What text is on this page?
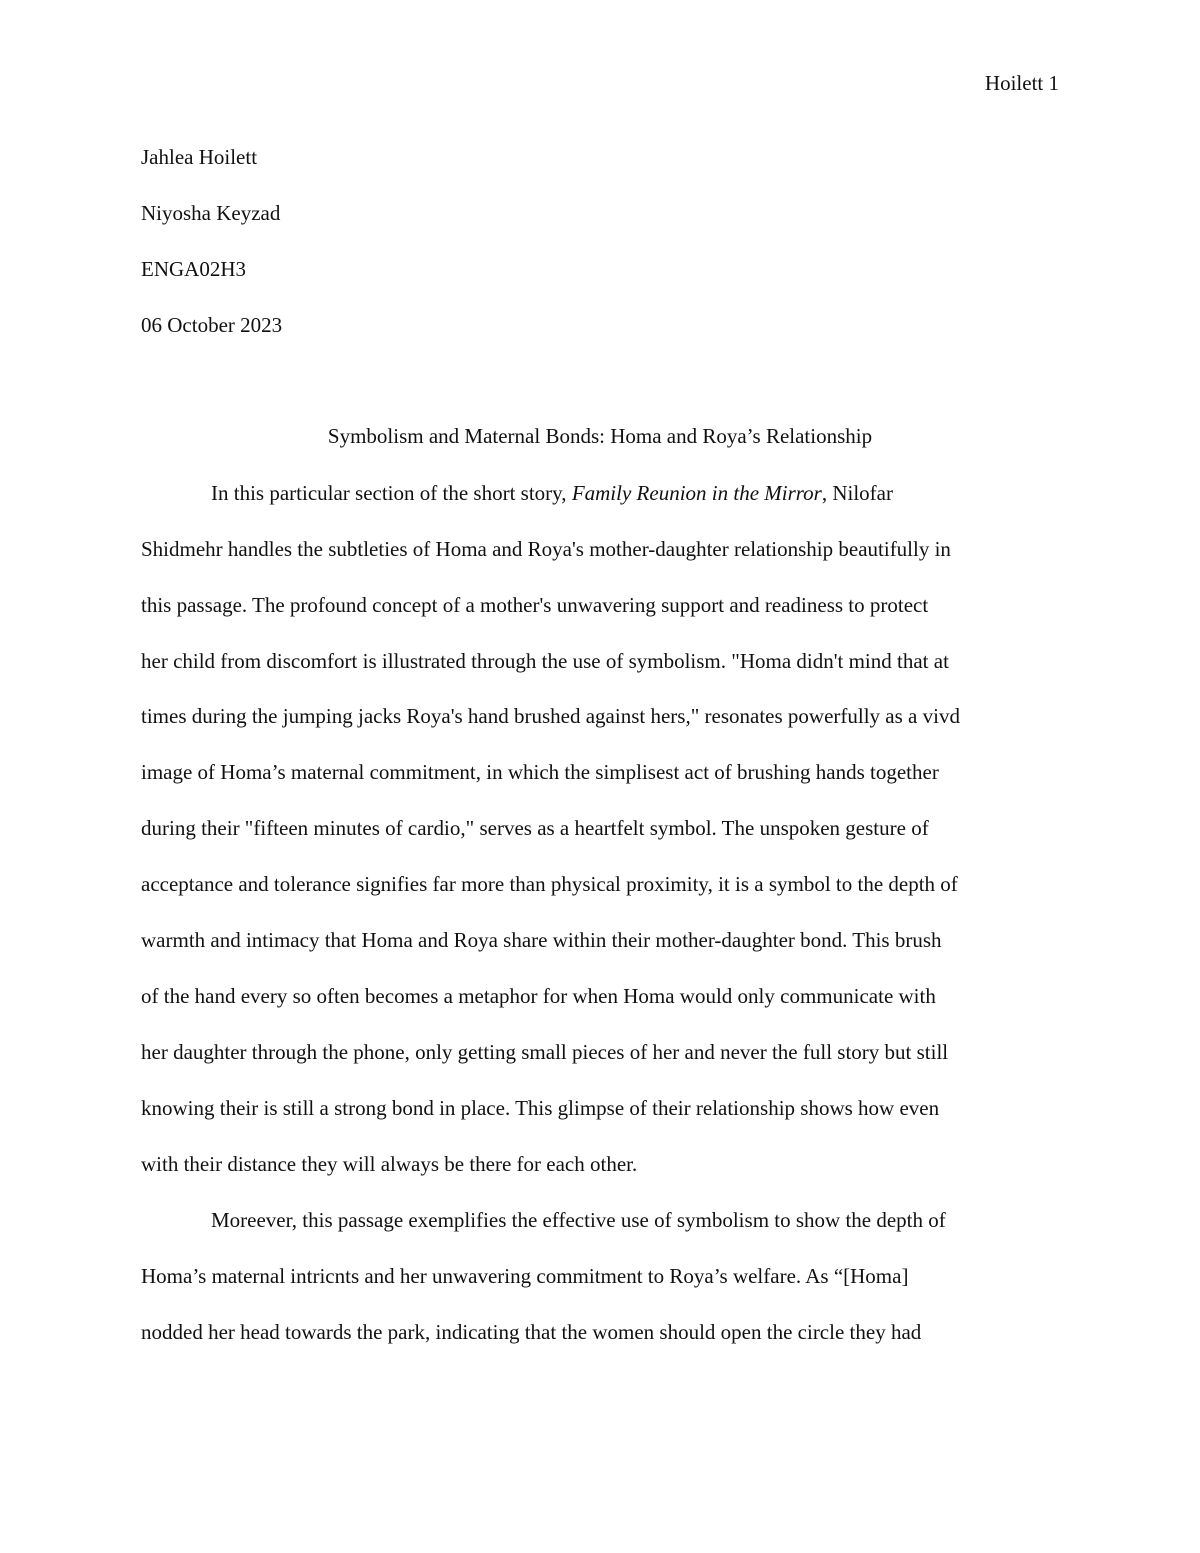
Hoilett 1
Jahlea Hoilett
Niyosha Keyzad
ENGA02H3
06 October 2023
Symbolism and Maternal Bonds: Homa and Roya’s Relationship
In this particular section of the short story, Family Reunion in the Mirror, Nilofar
Shidmehr handles the subtleties of Homa and Roya's mother-daughter relationship beautifully in
this passage. The profound concept of a mother's unwavering support and readiness to protect
her child from discomfort is illustrated through the use of symbolism. "Homa didn't mind that at
times during the jumping jacks Roya's hand brushed against hers," resonates powerfully as a vivd
image of Homa’s maternal commitment, in which the simplisest act of brushing hands together
during their "fifteen minutes of cardio," serves as a heartfelt symbol. The unspoken gesture of
acceptance and tolerance signifies far more than physical proximity, it is a symbol to the depth of
warmth and intimacy that Homa and Roya share within their mother-daughter bond. This brush
of the hand every so often becomes a metaphor for when Homa would only communicate with
her daughter through the phone, only getting small pieces of her and never the full story but still
knowing their is still a strong bond in place. This glimpse of their relationship shows how even
with their distance they will always be there for each other.
Moreever, this passage exemplifies the effective use of symbolism to show the depth of
Homa’s maternal intricnts and her unwavering commitment to Roya’s welfare. As “[Homa]
nodded her head towards the park, indicating that the women should open the circle they had
